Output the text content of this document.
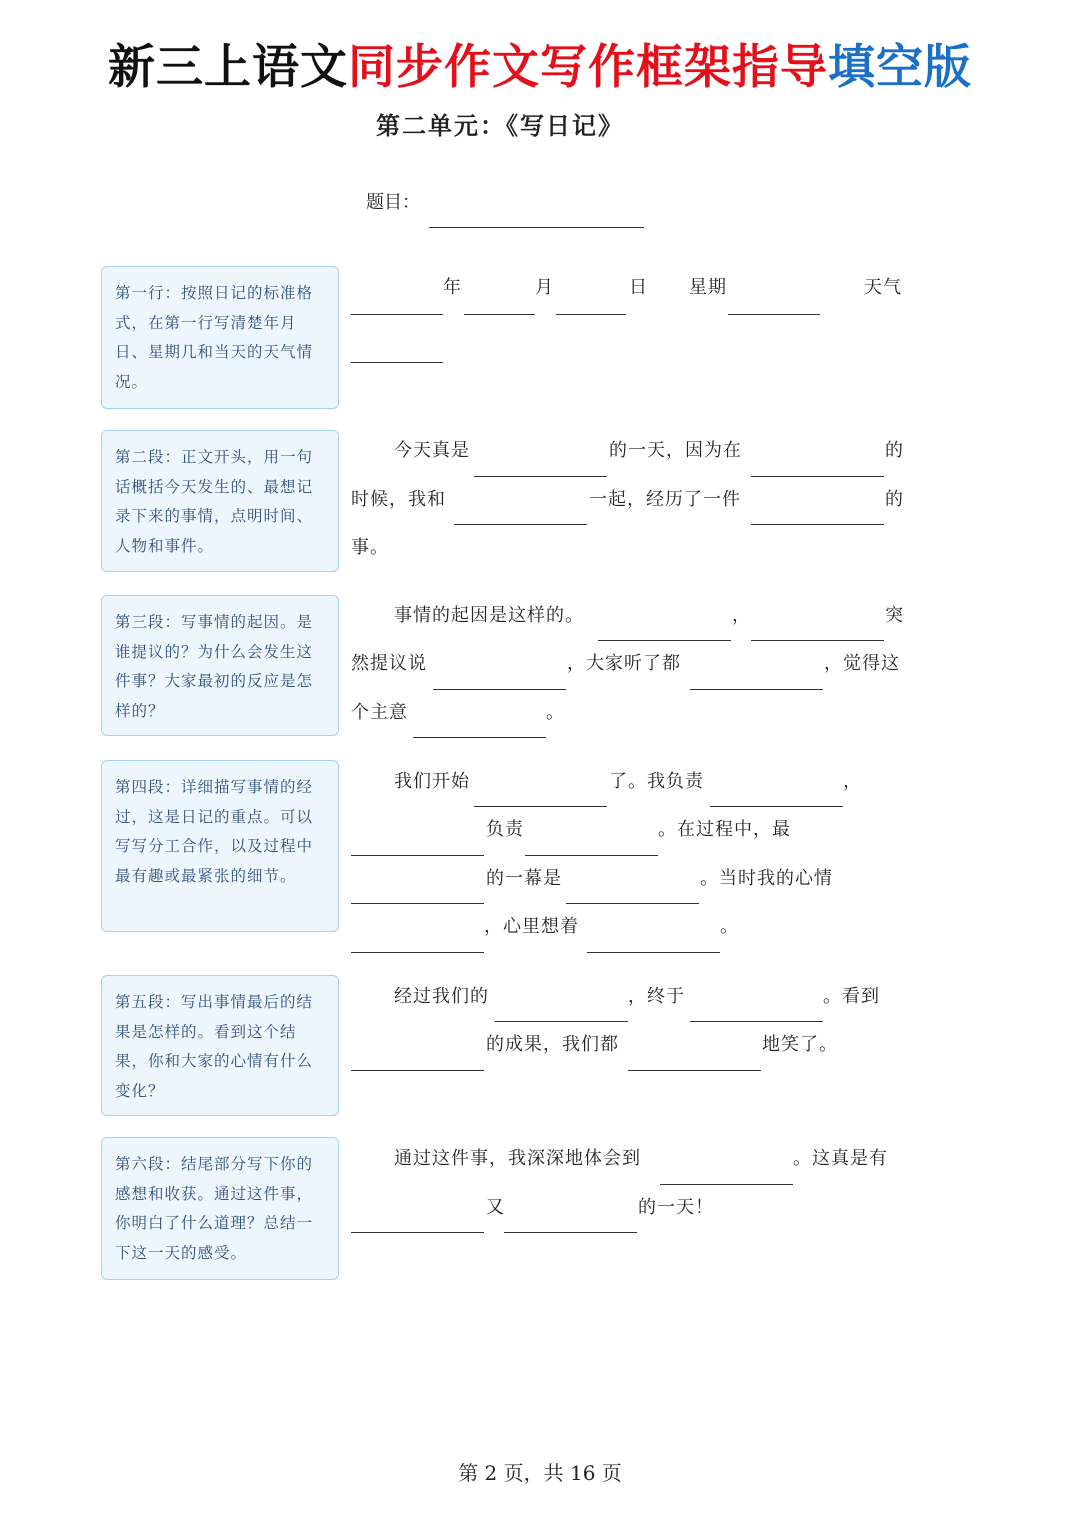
新三上语文同步作文写作框架指导填空版
第二单元：《写日记》
题目：
第一行：按照日记的标准格式，在第一行写清楚年月日、星期几和当天的天气情况。
第二段：正文开头，用一句话概括今天发生的、最想记录下来的事情，点明时间、人物和事件。
第三段：写事情的起因。是谁提议的？为什么会发生这件事？大家最初的反应是怎样的？
第四段：详细描写事情的经过，这是日记的重点。可以写写分工合作，以及过程中最有趣或最紧张的细节。
第五段：写出事情最后的结果是怎样的。看到这个结果，你和大家的心情有什么变化？
第六段：结尾部分写下你的感想和收获。通过这件事，你明白了什么道理？总结一下这一天的感受。
年	月	日 星期	天气
今天真是	的一天，因为在	的
时候，我和	一起，经历了一件	的
事。
事情的起因是这样的。	，	突
然提议说	，大家听了都	，觉得这
个主意	。
我们开始	了。我负责	，
负责	。在过程中，最
的一幕是	。当时我的心情
，心里想着	。
经过我们的	，终于	。看到
的成果，我们都	地笑了。
通过这件事，我深深地体会到	。这真是有
又	的一天！
第 2 页，共 16 页
